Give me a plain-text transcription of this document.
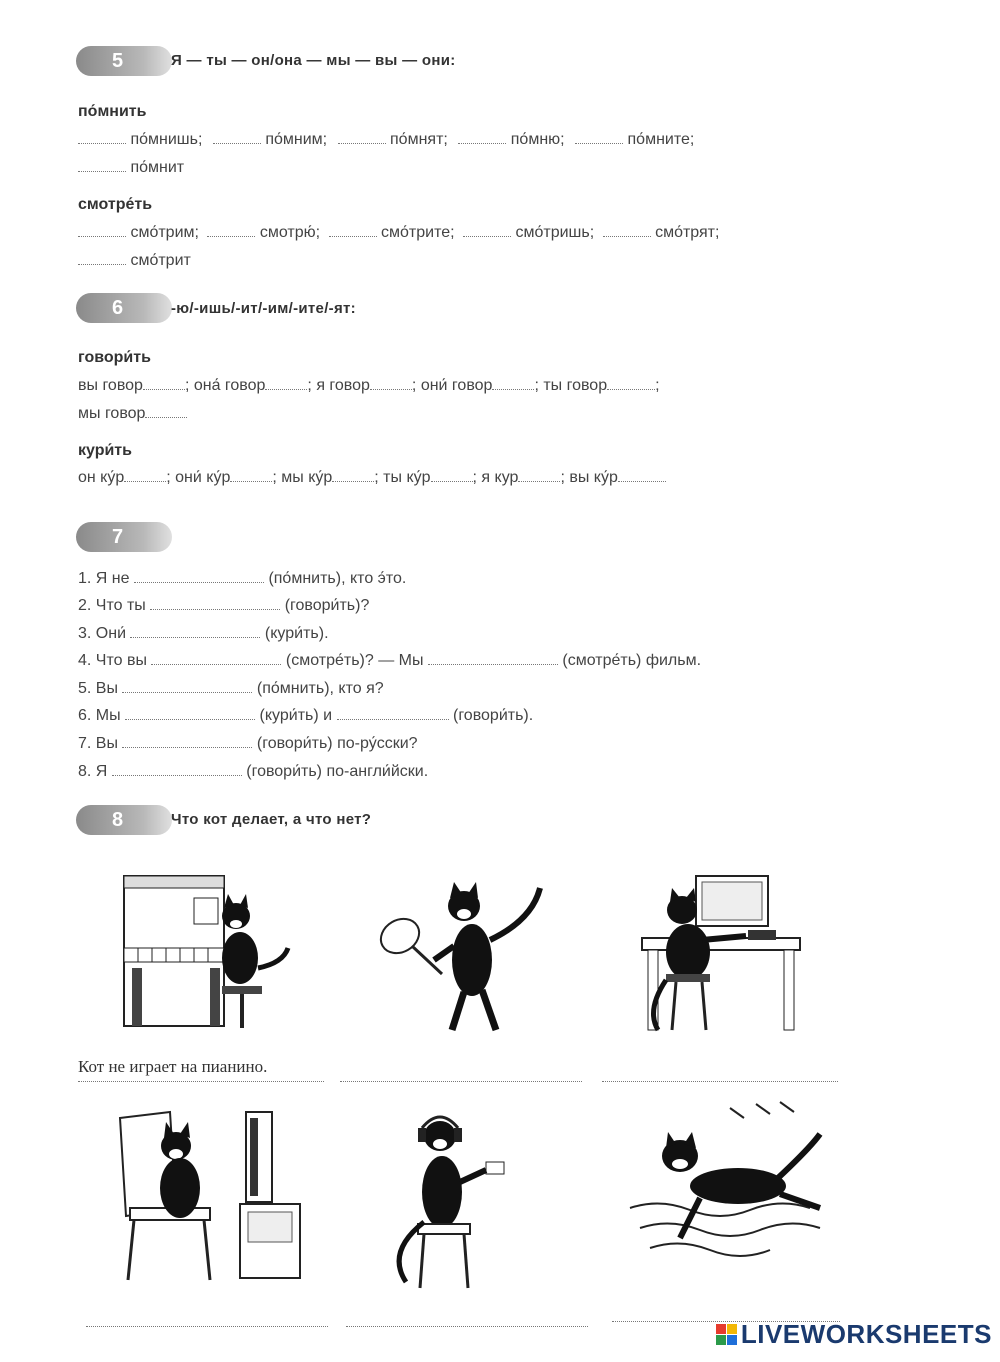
5	Я — ты — он/она — мы — вы — они:
по́мнить
по́мнишь;	по́мним;	по́мнят;	по́мню;	по́мните;
по́мнит
смотре́ть
смо́трим;	смотрю́;	смо́трите;	смо́тришь;	смо́трят;
смо́трит
6	-ю/-ишь/-ит/-им/-ите/-ят:
говори́ть
вы говор	; она́ говор	; я говор	; они́ говор	; ты говор	;
мы говор
кури́ть
он ку́р	; они́ ку́р	; мы ку́р	; ты ку́р	; я кур	; вы ку́р
7
1. Я не	(по́мнить), кто э́то.
2. Что ты	(говори́ть)?
3. Они́	(кури́ть).
4. Что вы	(смотре́ть)? — Мы	(смотре́ть) фильм.
5. Вы	(по́мнить), кто я?
6. Мы	(кури́ть) и	(говори́ть).
7. Вы	(говори́ть) по-ру́сски?
8. Я	(говори́ть) по-англи́йски.
8	Что кот делает, а что нет?
Кот не играет на пианино.
LIVEWORKSHEETS
